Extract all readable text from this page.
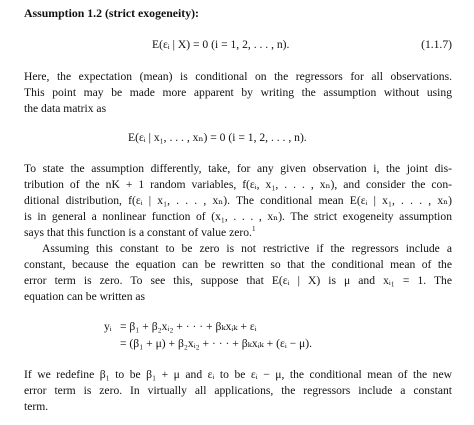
Assumption 1.2 (strict exogeneity):
E(εᵢ | X) = 0 (i = 1, 2, . . . , n).	(1.1.7)
Here, the expectation (mean) is conditional on the regressors for all observations.
This point may be made more apparent by writing the assumption without using
the data matrix as
E(εᵢ | x₁, . . . , xₙ) = 0 (i = 1, 2, . . . , n).
To state the assumption differently, take, for any given observation i, the joint dis-
tribution of the nK + 1 random variables, f(εᵢ, x₁, . . . , xₙ), and consider the con-
ditional distribution, f(εᵢ | x₁, . . . , xₙ). The conditional mean E(εᵢ | x₁, . . . , xₙ)
is in general a nonlinear function of (x₁, . . . , xₙ). The strict exogeneity assumption
says that this function is a constant of value zero.$^1$
Assuming this constant to be zero is not restrictive if the regressors include a
constant, because the equation can be rewritten so that the conditional mean of the
error term is zero. To see this, suppose that E(εᵢ | X) is μ and xᵢ₁ = 1. The
equation can be written as
yᵢ = β₁ + β₂xᵢ₂ + · · · + βₖxᵢₖ + εᵢ
= (β₁ + μ) + β₂xᵢ₂ + · · · + βₖxᵢₖ + (εᵢ − μ).
If we redefine β₁ to be β₁ + μ and εᵢ to be εᵢ − μ, the conditional mean of the new
error term is zero. In virtually all applications, the regressors include a constant
term.
